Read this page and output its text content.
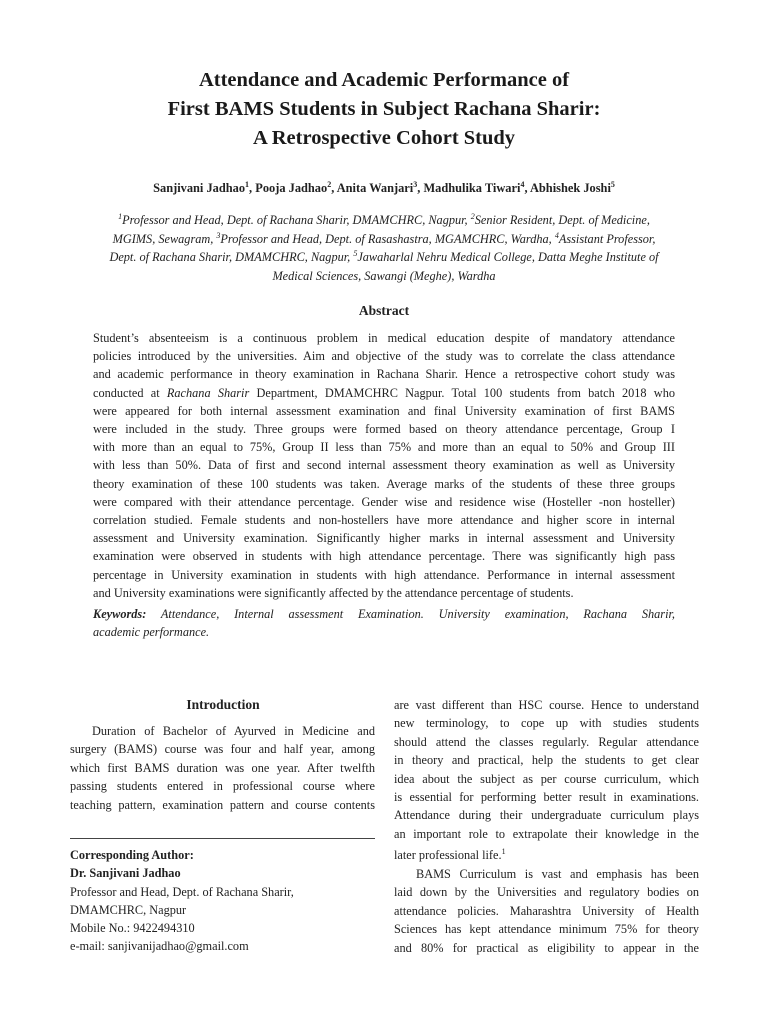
Attendance and Academic Performance of
First BAMS Students in Subject Rachana Sharir:
A Retrospective Cohort Study
Sanjivani Jadhao$^1$, Pooja Jadhao$^2$, Anita Wanjari$^3$, Madhulika Tiwari$^4$, Abhishek Joshi$^5$
$^1$Professor and Head, Dept. of Rachana Sharir, DMAMCHRC, Nagpur, $^2$Senior Resident, Dept. of Medicine,
MGIMS, Sewagram, $^3$Professor and Head, Dept. of Rasashastra, MGAMCHRC, Wardha, $^4$Assistant Professor,
Dept. of Rachana Sharir, DMAMCHRC, Nagpur, $^5$Jawaharlal Nehru Medical College, Datta Meghe Institute of
Medical Sciences, Sawangi (Meghe), Wardha
Abstract
Student’s absenteeism is a continuous problem in medical education despite of mandatory attendance
policies introduced by the universities. Aim and objective of the study was to correlate the class attendance
and academic performance in theory examination in Rachana Sharir. Hence a retrospective cohort study was
conducted at Rachana Sharir Department, DMAMCHRC Nagpur. Total 100 students from batch 2018 who
were appeared for both internal assessment examination and final University examination of first BAMS
were included in the study. Three groups were formed based on theory attendance percentage, Group I
with more than an equal to 75%, Group II less than 75% and more than an equal to 50% and Group III
with less than 50%. Data of first and second internal assessment theory examination as well as University
theory examination of these 100 students was taken. Average marks of the students of these three groups
were compared with their attendance percentage. Gender wise and residence wise (Hosteller -non hosteller)
correlation studied. Female students and non-hostellers have more attendance and higher score in internal
assessment and University examination. Significantly higher marks in internal assessment and University
examination were observed in students with high attendance percentage. There was significantly high pass
percentage in University examination in students with high attendance. Performance in internal assessment
and University examinations were significantly affected by the attendance percentage of students.
Keywords: Attendance, Internal assessment Examination. University examination, Rachana Sharir,
academic performance.
Introduction
Duration of Bachelor of Ayurved in Medicine and
surgery (BAMS) course was four and half year, among
which first BAMS duration was one year. After twelfth
passing students entered in professional course where
teaching pattern, examination pattern and course contents
Corresponding Author:
Dr. Sanjivani Jadhao
Professor and Head, Dept. of Rachana Sharir,
DMAMCHRC, Nagpur
Mobile No.: 9422494310
e-mail: sanjivanijadhao@gmail.com
are vast different than HSC course. Hence to understand
new terminology, to cope up with studies students
should attend the classes regularly. Regular attendance
in theory and practical, help the students to get clear
idea about the subject as per course curriculum, which
is essential for performing better result in examinations.
Attendance during their undergraduate curriculum plays
an important role to extrapolate their knowledge in the
later professional life.$^1$
BAMS Curriculum is vast and emphasis has been
laid down by the Universities and regulatory bodies on
attendance policies. Maharashtra University of Health
Sciences has kept attendance minimum 75% for theory
and 80% for practical as eligibility to appear in the
